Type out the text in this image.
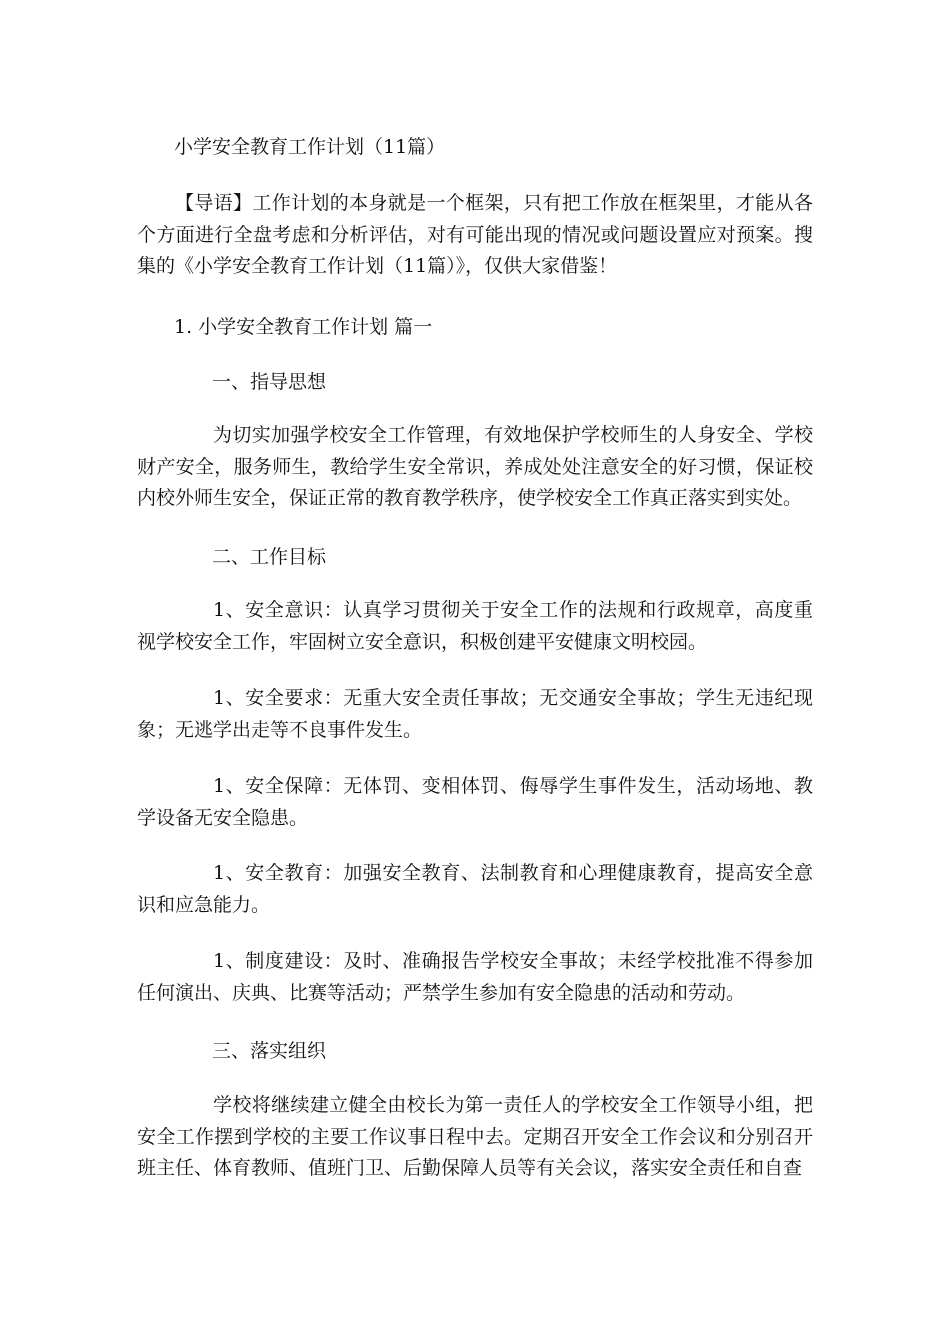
小学安全教育工作计划（11篇）

【导语】工作计划的本身就是一个框架，只有把工作放在框架里，才能从各个方面进行全盘考虑和分析评估，对有可能出现的情况或问题设置应对预案。搜集的《小学安全教育工作计划（11篇）》，仅供大家借鉴！

1. 小学安全教育工作计划 篇一
一、指导思想

为切实加强学校安全工作管理，有效地保护学校师生的人身安全、学校财产安全，服务师生，教给学生安全常识，养成处处注意安全的好习惯，保证校内校外师生安全，保证正常的教育教学秩序，使学校安全工作真正落实到实处。

二、工作目标

1、安全意识：认真学习贯彻关于安全工作的法规和行政规章，高度重视学校安全工作，牢固树立安全意识，积极创建平安健康文明校园。

1、安全要求：无重大安全责任事故；无交通安全事故；学生无违纪现象；无逃学出走等不良事件发生。

1、安全保障：无体罚、变相体罚、侮辱学生事件发生，活动场地、教学设备无安全隐患。

1、安全教育：加强安全教育、法制教育和心理健康教育，提高安全意识和应急能力。

1、制度建设：及时、准确报告学校安全事故；未经学校批准不得参加任何演出、庆典、比赛等活动；严禁学生参加有安全隐患的活动和劳动。

三、落实组织

学校将继续建立健全由校长为第一责任人的学校安全工作领导小组，把安全工作摆到学校的主要工作议事日程中去。定期召开安全工作会议和分别召开班主任、体育教师、值班门卫、后勤保障人员等有关会议，落实安全责任和自查
